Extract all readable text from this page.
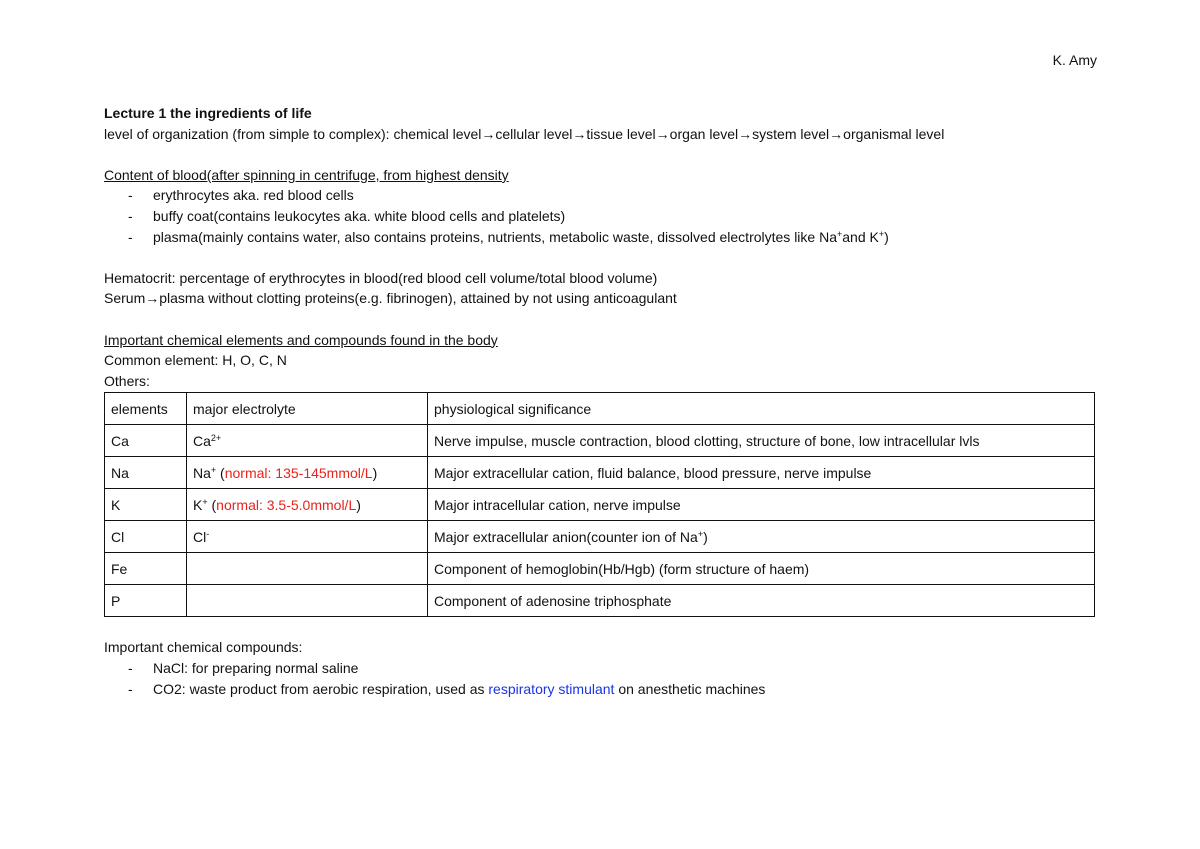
K. Amy
Lecture 1 the ingredients of life
level of organization (from simple to complex): chemical level→cellular level→tissue level→organ level→system level→organismal level
Content of blood(after spinning in centrifuge, from highest density
- erythrocytes aka. red blood cells
- buffy coat(contains leukocytes aka. white blood cells and platelets)
- plasma(mainly contains water, also contains proteins, nutrients, metabolic waste, dissolved electrolytes like Na+and K+)
Hematocrit: percentage of erythrocytes in blood(red blood cell volume/total blood volume)
Serum→plasma without clotting proteins(e.g. fibrinogen), attained by not using anticoagulant
Important chemical elements and compounds found in the body
Common element: H, O, C, N
Others:
elements	major electrolyte	physiological significance
Ca	$Ca^{2+}$	Nerve impulse, muscle contraction, blood clotting, structure of bone, low intracellular lvls
Na	Na+ (normal: 135-145mmol/L)	Major extracellular cation, fluid balance, blood pressure, nerve impulse
K	K+ (normal: 3.5-5.0mmol/L)	Major intracellular cation, nerve impulse
Cl	Cl-	Major extracellular anion(counter ion of Na+)
Fe		Component of hemoglobin(Hb/Hgb) (form structure of haem)
P		Component of adenosine triphosphate
Important chemical compounds:
- NaCl: for preparing normal saline
- CO2: waste product from aerobic respiration, used as respiratory stimulant on anesthetic machines
